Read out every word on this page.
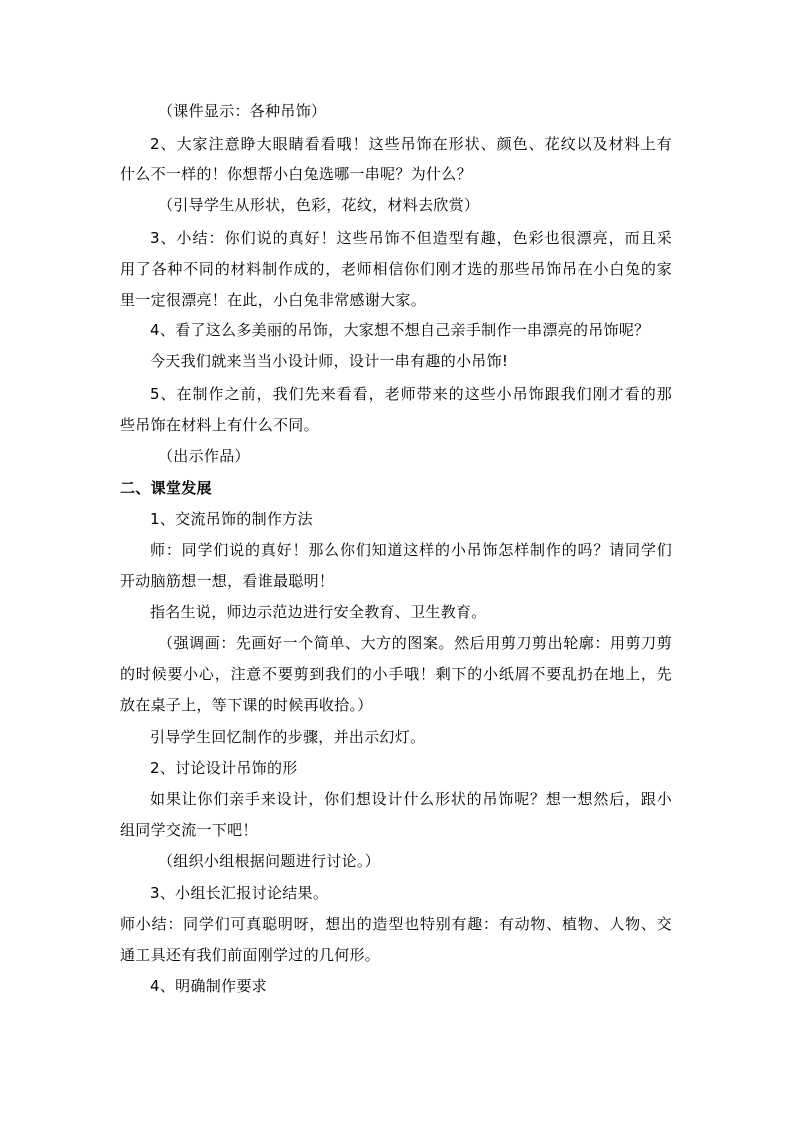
（课件显示：各种吊饰）
2、大家注意睁大眼睛看看哦！这些吊饰在形状、颜色、花纹以及材料上有
什么不一样的！你想帮小白兔选哪一串呢？为什么？
（引导学生从形状，色彩，花纹，材料去欣赏）
3、小结：你们说的真好！这些吊饰不但造型有趣，色彩也很漂亮，而且采
用了各种不同的材料制作成的，老师相信你们刚才选的那些吊饰吊在小白兔的家
里一定很漂亮！在此，小白兔非常感谢大家。
4、看了这么多美丽的吊饰，大家想不想自己亲手制作一串漂亮的吊饰呢？
今天我们就来当当小设计师，设计一串有趣的小吊饰!
5、在制作之前，我们先来看看，老师带来的这些小吊饰跟我们刚才看的那
些吊饰在材料上有什么不同。
（出示作品）
二、课堂发展
1、交流吊饰的制作方法
师：同学们说的真好！那么你们知道这样的小吊饰怎样制作的吗？请同学们
开动脑筋想一想，看谁最聪明！
指名生说，师边示范边进行安全教育、卫生教育。
（强调画：先画好一个简单、大方的图案。然后用剪刀剪出轮廓：用剪刀剪
的时候要小心，注意不要剪到我们的小手哦！剩下的小纸屑不要乱扔在地上，先
放在桌子上，等下课的时候再收拾。）
引导学生回忆制作的步骤，并出示幻灯。
2、讨论设计吊饰的形
如果让你们亲手来设计，你们想设计什么形状的吊饰呢？想一想然后，跟小
组同学交流一下吧！
（组织小组根据问题进行讨论。）
3、小组长汇报讨论结果。
师小结：同学们可真聪明呀，想出的造型也特别有趣：有动物、植物、人物、交
通工具还有我们前面刚学过的几何形。
4、明确制作要求
